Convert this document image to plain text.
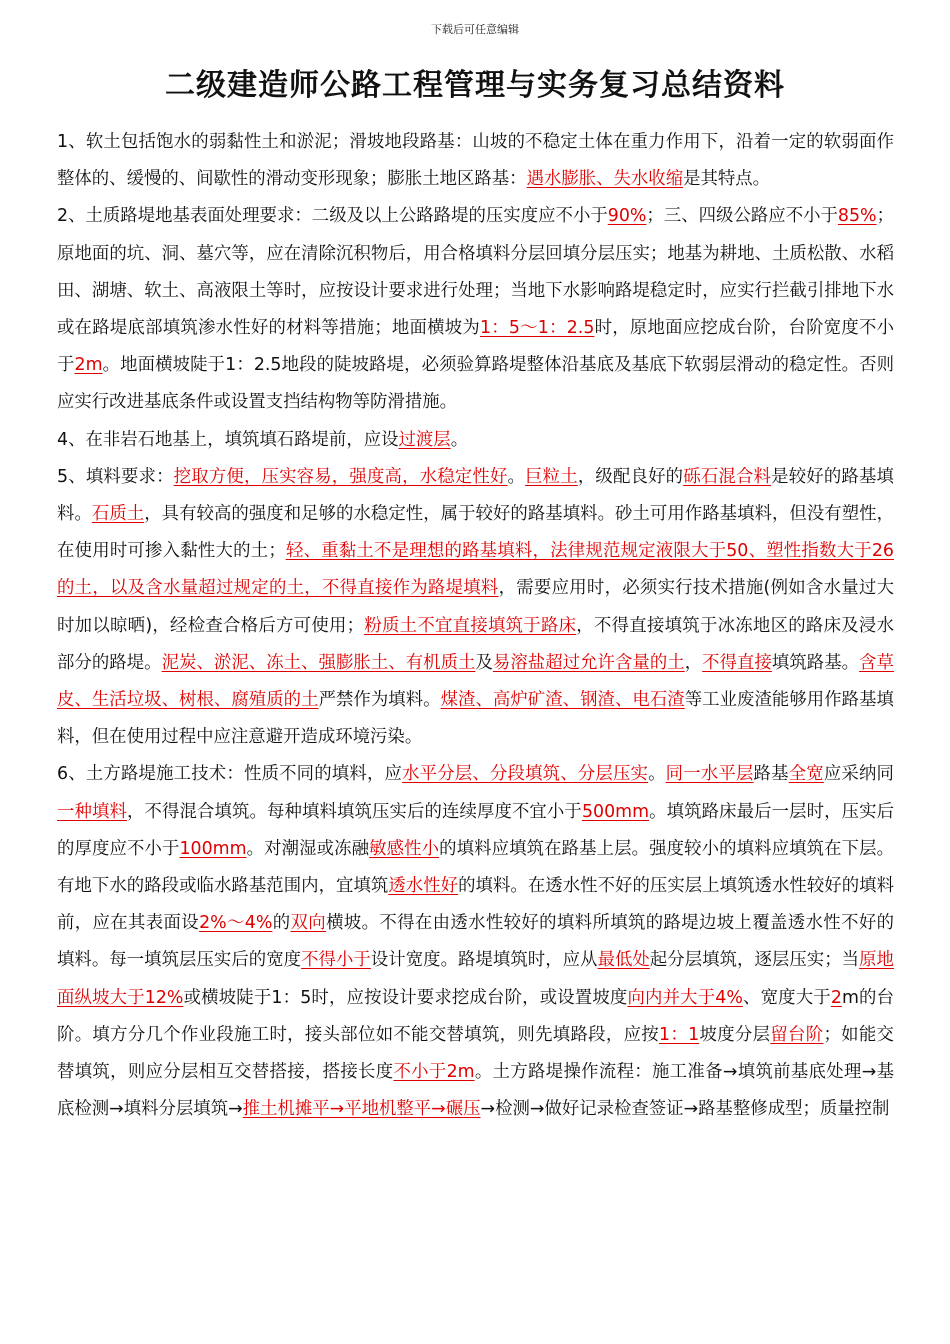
下载后可任意编辑
二级建造师公路工程管理与实务复习总结资料

1、软土包括饱水的弱黏性土和淤泥；滑坡地段路基：山坡的不稳定土体在重力作用下，沿着一定的软弱面作整体的、缓慢的、间歇性的滑动变形现象；膨胀土地区路基：遇水膨胀、失水收缩是其特点。

2、土质路堤地基表面处理要求：二级及以上公路路堤的压实度应不小于90%；三、四级公路应不小于85%；原地面的坑、洞、墓穴等，应在清除沉积物后，用合格填料分层回填分层压实；地基为耕地、土质松散、水稻田、湖塘、软土、高液限土等时，应按设计要求进行处理；当地下水影响路堤稳定时，应实行拦截引排地下水或在路堤底部填筑渗水性好的材料等措施；地面横坡为1：5～1：2.5时，原地面应挖成台阶，台阶宽度不小于2m。地面横坡陡于1：2.5地段的陡坡路堤，必须验算路堤整体沿基底及基底下软弱层滑动的稳定性。否则应实行改进基底条件或设置支挡结构物等防滑措施。

4、在非岩石地基上，填筑填石路堤前，应设过渡层。

5、填料要求：挖取方便，压实容易，强度高，水稳定性好。巨粒土，级配良好的砾石混合料是较好的路基填料。石质土，具有较高的强度和足够的水稳定性，属于较好的路基填料。砂土可用作路基填料，但没有塑性，在使用时可掺入黏性大的土；轻、重黏土不是理想的路基填料，法律规范规定液限大于50、塑性指数大于26的土，以及含水量超过规定的土，不得直接作为路堤填料，需要应用时，必须实行技术措施(例如含水量过大时加以晾晒)，经检查合格后方可使用；粉质土不宜直接填筑于路床，不得直接填筑于冰冻地区的路床及浸水部分的路堤。泥炭、淤泥、冻土、强膨胀土、有机质土及易溶盐超过允许含量的土，不得直接填筑路基。含草皮、生活垃圾、树根、腐殖质的土严禁作为填料。煤渣、高炉矿渣、钢渣、电石渣等工业废渣能够用作路基填料，但在使用过程中应注意避开造成环境污染。

6、土方路堤施工技术：性质不同的填料，应水平分层、分段填筑、分层压实。同一水平层路基全宽应采纳同一种填料，不得混合填筑。每种填料填筑压实后的连续厚度不宜小于500mm。填筑路床最后一层时，压实后的厚度应不小于100mm。对潮湿或冻融敏感性小的填料应填筑在路基上层。强度较小的填料应填筑在下层。有地下水的路段或临水路基范围内，宜填筑透水性好的填料。在透水性不好的压实层上填筑透水性较好的填料前，应在其表面设2%～4%的双向横坡。不得在由透水性较好的填料所填筑的路堤边坡上覆盖透水性不好的填料。每一填筑层压实后的宽度不得小于设计宽度。路堤填筑时，应从最低处起分层填筑，逐层压实；当原地面纵坡大于12%或横坡陡于1：5时，应按设计要求挖成台阶，或设置坡度向内并大于4%、宽度大于2m的台阶。填方分几个作业段施工时，接头部位如不能交替填筑，则先填路段，应按1：1坡度分层留台阶；如能交替填筑，则应分层相互交替搭接，搭接长度不小于2m。土方路堤操作流程：施工准备→填筑前基底处理→基底检测→填料分层填筑→推土机摊平→平地机整平→碾压→检测→做好记录检查签证→路基整修成型；质量控制
